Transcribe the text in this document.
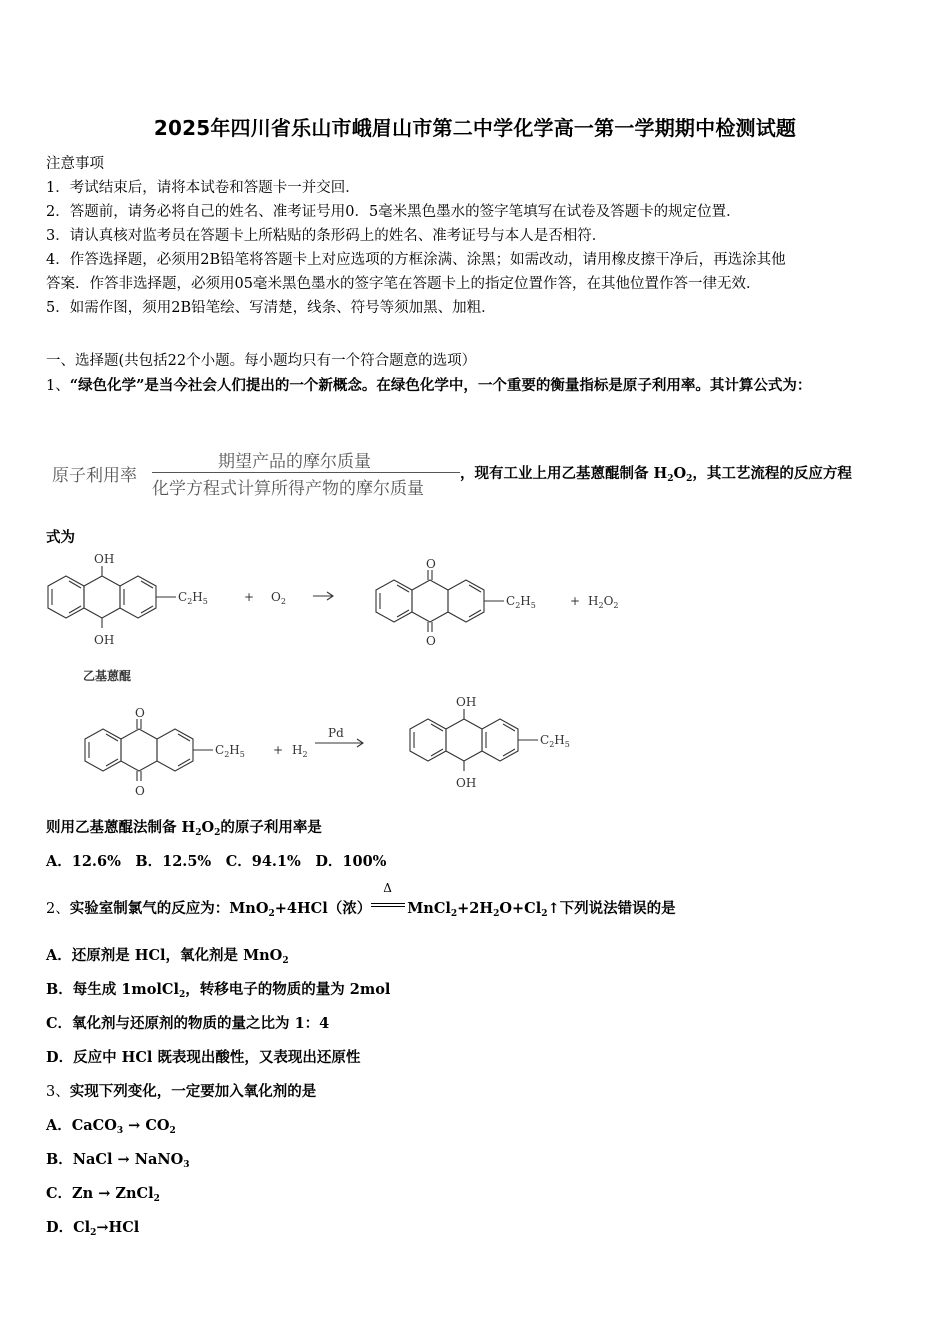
2025年四川省乐山市峨眉山市第二中学化学高一第一学期期中检测试题
注意事项
1．考试结束后，请将本试卷和答题卡一并交回．
2．答题前，请务必将自己的姓名、准考证号用0．5毫米黑色墨水的签字笔填写在试卷及答题卡的规定位置．
3．请认真核对监考员在答题卡上所粘贴的条形码上的姓名、准考证号与本人是否相符．
4．作答选择题，必须用2B铅笔将答题卡上对应选项的方框涂满、涂黑；如需改动，请用橡皮擦干净后，再选涂其他
答案．作答非选择题，必须用05毫米黑色墨水的签字笔在答题卡上的指定位置作答，在其他位置作答一律无效．
5．如需作图，须用2B铅笔绘、写清楚，线条、符号等须加黑、加粗．
一、选择题(共包括22个小题。每小题均只有一个符合题意的选项）
1、“绿色化学”是当今社会人们提出的一个新概念。在绿色化学中，一个重要的衡量指标是原子利用率。其计算公式为：
原子利用率
期望产品的摩尔质量
化学方程式计算所得产物的摩尔质量
，现有工业上用乙基蒽醌制备 $H_2O_2$，其工艺流程的反应方程
式为
OH
OH
$C_2H_5$	+ $O_2$
O
O
$C_2H_5$	+ $H_2O_2$
乙基蒽醌
O
O
$C_2H_5 + H_2$
Pd
OH
OH
$C_2H_5$
则用乙基蒽醌法制备 $H_2O_2$的原子利用率是
A．12.6%　B．12.5%　C．94.1%　D．100%
2、实验室制氯气的反应为：MnO$_2$+4HCl（浓）
Δ
$MnCl_2+2H_2O+Cl_2↑$下列说法错误的是
A．还原剂是 HCl，氧化剂是 MnO$_2$
B．每生成 1molCl$_2$，转移电子的物质的量为 2mol
C．氧化剂与还原剂的物质的量之比为 1：4
D．反应中 HCl 既表现出酸性，又表现出还原性
3、实现下列变化，一定要加入氧化剂的是
A．CaCO$_3$ → $CO_2$
B．NaCl → NaNO$_3$
C．Zn → ZnCl$_2$
D．$Cl_2\to HCl$
